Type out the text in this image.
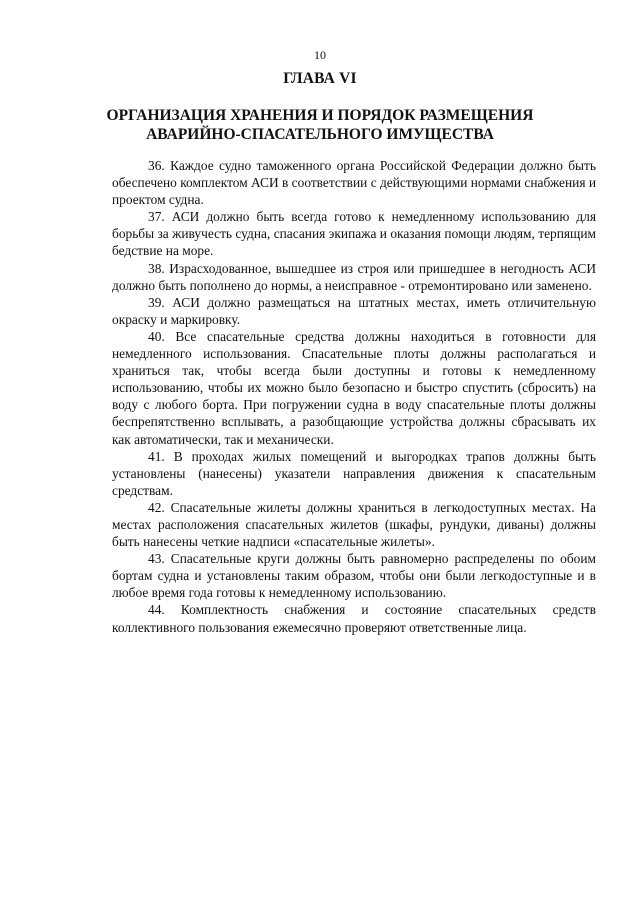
10
ГЛАВА VI
ОРГАНИЗАЦИЯ ХРАНЕНИЯ И ПОРЯДОК РАЗМЕЩЕНИЯ
АВАРИЙНО-СПАСАТЕЛЬНОГО ИМУЩЕСТВА

36. Каждое судно таможенного органа Российской Федерации должно быть обеспечено комплектом АСИ в соответствии с действующими нормами снабжения и проектом судна.

37. АСИ должно быть всегда готово к немедленному использованию для борьбы за живучесть судна, спасания экипажа и оказания помощи людям, терпящим бедствие на море.

38. Израсходованное, вышедшее из строя или пришедшее в негодность АСИ должно быть пополнено до нормы, а неисправное - отремонтировано или заменено.

39. АСИ должно размещаться на штатных местах, иметь отличительную окраску и маркировку.

40. Все спасательные средства должны находиться в готовности для немедленного использования. Спасательные плоты должны располагаться и храниться так, чтобы всегда были доступны и готовы к немедленному использованию, чтобы их можно было безопасно и быстро спустить (сбросить) на воду с любого борта. При погружении судна в воду спасательные плоты должны беспрепятственно всплывать, а разобщающие устройства должны сбрасывать их как автоматически, так и механически.

41. В проходах жилых помещений и выгородках трапов должны быть установлены (нанесены) указатели направления движения к спасательным средствам.

42. Спасательные жилеты должны храниться в легкодоступных местах. На местах расположения спасательных жилетов (шкафы, рундуки, диваны) должны быть нанесены четкие надписи «спасательные жилеты».

43. Спасательные круги должны быть равномерно распределены по обоим бортам судна и установлены таким образом, чтобы они были легкодоступные и в любое время года готовы к немедленному использованию.

44. Комплектность снабжения и состояние спасательных средств коллективного пользования ежемесячно проверяют ответственные лица.
